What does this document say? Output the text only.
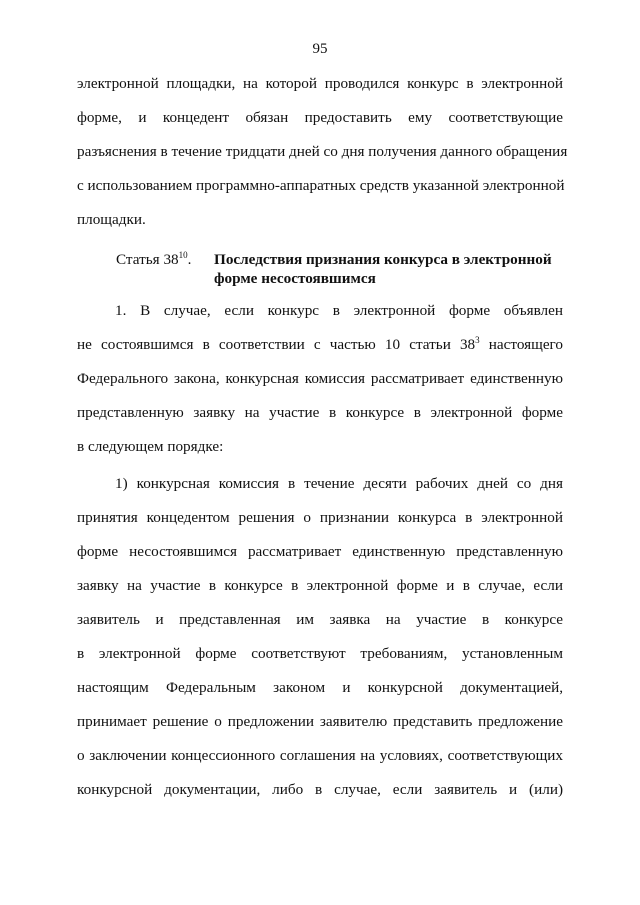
95
электронной площадки, на которой проводился конкурс в электронной
форме, и концедент обязан предоставить ему соответствующие
разъяснения в течение тридцати дней со дня получения данного обращения
с использованием программно-аппаратных средств указанной электронной
площадки.
Статья $38^{10}$. Последствия признания конкурса в электронной
форме несостоявшимся
1. В случае, если конкурс в электронной форме объявлен
не состоявшимся в соответствии с частью 10 статьи $38^3$ настоящего
Федерального закона, конкурсная комиссия рассматривает единственную
представленную заявку на участие в конкурсе в электронной форме
в следующем порядке:
1) конкурсная комиссия в течение десяти рабочих дней со дня
принятия концедентом решения о признании конкурса в электронной
форме несостоявшимся рассматривает единственную представленную
заявку на участие в конкурсе в электронной форме и в случае, если
заявитель и представленная им заявка на участие в конкурсе
в электронной форме соответствуют требованиям, установленным
настоящим Федеральным законом и конкурсной документацией,
принимает решение о предложении заявителю представить предложение
о заключении концессионного соглашения на условиях, соответствующих
конкурсной документации, либо в случае, если заявитель и (или)
